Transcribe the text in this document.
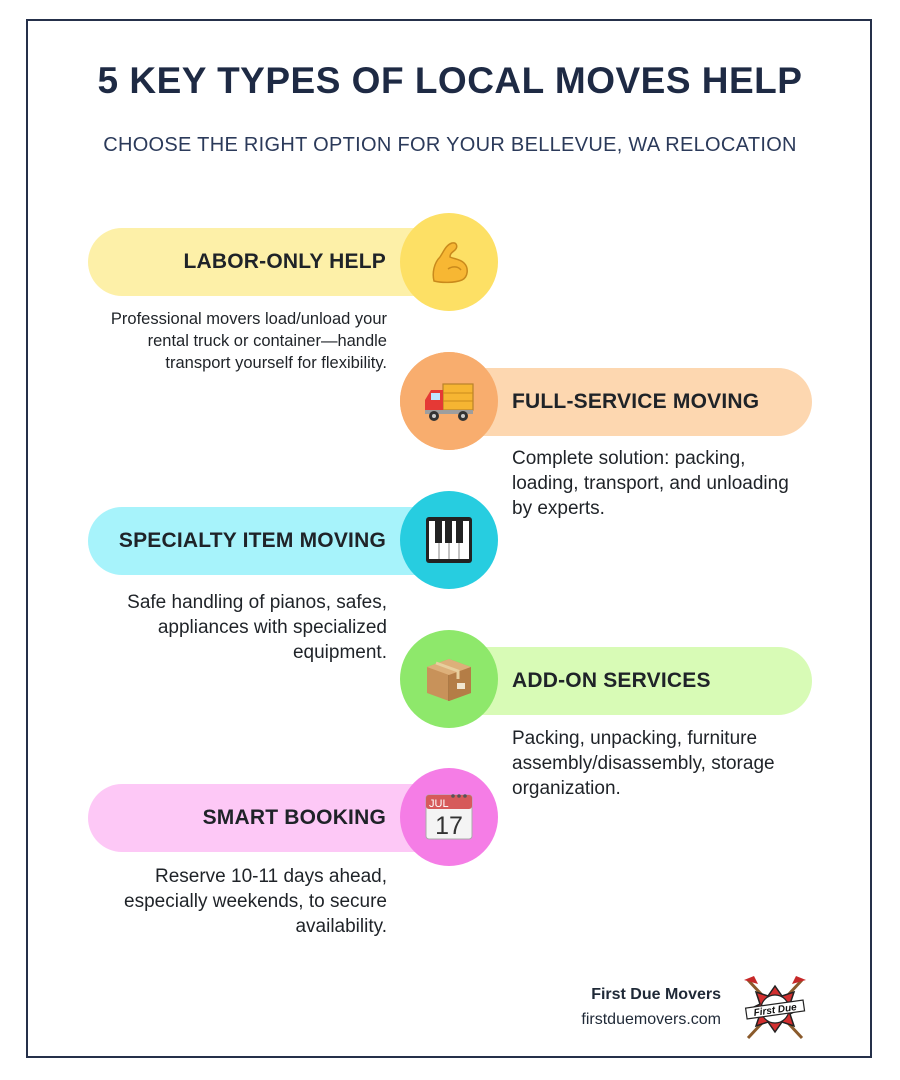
5 KEY TYPES OF LOCAL MOVES HELP
CHOOSE THE RIGHT OPTION FOR YOUR BELLEVUE, WA RELOCATION
LABOR-ONLY HELP
Professional movers load/unload your rental truck or container—handle transport yourself for flexibility.
FULL-SERVICE MOVING
Complete solution: packing, loading, transport, and unloading by experts.
SPECIALTY ITEM MOVING
Safe handling of pianos, safes, appliances with specialized equipment.
ADD-ON SERVICES
Packing, unpacking, furniture assembly/disassembly, storage organization.
SMART BOOKING
JUL
17
Reserve 10-11 days ahead, especially weekends, to secure availability.
First Due Movers
firstduemovers.com
First Due
